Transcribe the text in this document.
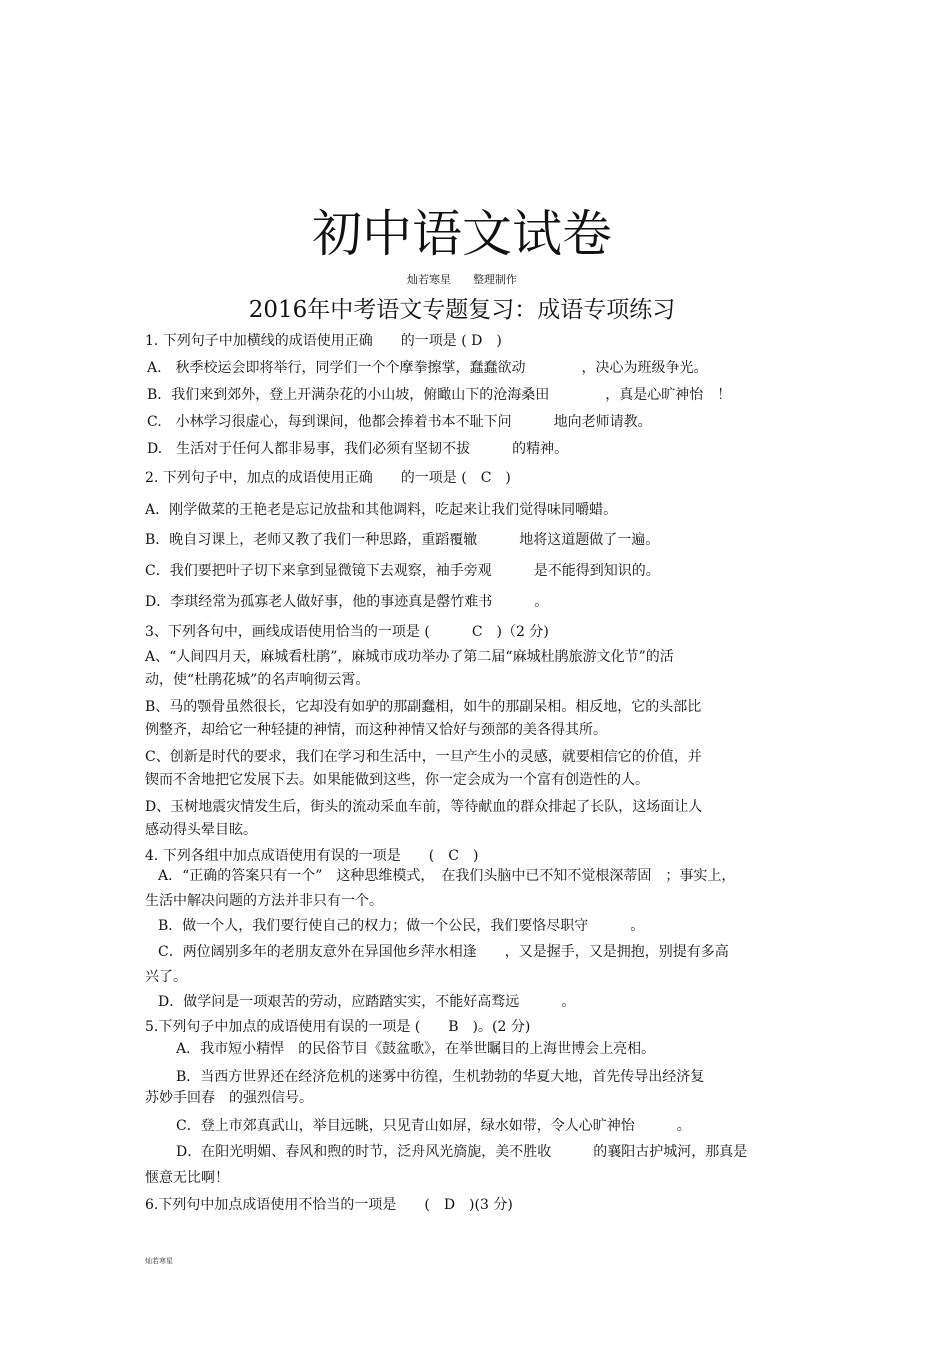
初中语文试卷
灿若寒星　　整理制作
2016年中考语文专题复习：成语专项练习
1. 下列句子中加横线的成语使用正确　　的一项是 ( D　)
A.　秋季校运会即将举行，同学们一个个摩拳擦掌，蠢蠢欲动　　　　，决心为班级争光。
B．我们来到郊外，登上开满杂花的小山坡，俯瞰山下的沧海桑田　　　　，真是心旷神怡　！
C.　小林学习很虚心，每到课间，他都会捧着书本不耻下问　　　地向老师请教。
D.　生活对于任何人都非易事，我们必须有坚韧不拔　　　的精神。
2. 下列句子中，加点的成语使用正确　　的一项是 (　C　)
A．刚学做菜的王艳老是忘记放盐和其他调料，吃起来让我们觉得味同嚼蜡。
B．晚自习课上，老师又教了我们一种思路，重蹈覆辙　　　地将这道题做了一遍。
C．我们要把叶子切下来拿到显微镜下去观察，袖手旁观　　　是不能得到知识的。
D．李琪经常为孤寡老人做好事，他的事迹真是罄竹难书　　　。
3、下列各句中，画线成语使用恰当的一项是 (　　　C　)（2 分)
A、“人间四月天，麻城看杜鹃”，麻城市成功举办了第二届“麻城杜鹃旅游文化节”的活
动，使“杜鹃花城”的名声响彻云霄。
B、马的颚骨虽然很长，它却没有如驴的那副蠢相，如牛的那副呆相。相反地，它的头部比
例整齐，却给它一种轻捷的神情，而这种神情又恰好与颈部的美各得其所。
C、创新是时代的要求，我们在学习和生活中，一旦产生小的灵感，就要相信它的价值，并
锲而不舍地把它发展下去。如果能做到这些，你一定会成为一个富有创造性的人。
D、玉树地震灾情发生后，街头的流动采血车前，等待献血的群众排起了长队，这场面让人
感动得头晕目眩。
4. 下列各组中加点成语使用有误的一项是　　(　C　)
A．“正确的答案只有一个”　这种思维模式，　在我们头脑中已不知不觉根深蒂固　；事实上，
生活中解决问题的方法并非只有一个。
B．做一个人，我们要行使自己的权力；做一个公民，我们要恪尽职守　　　。
C．两位阔别多年的老朋友意外在异国他乡萍水相逢　　，又是握手，又是拥抱，别提有多高
兴了。
D．做学问是一项艰苦的劳动，应踏踏实实，不能好高骛远　　　。
5.下列句子中加点的成语使用有误的一项是 (　　B　)。(2 分)
A．我市短小精悍　的民俗节目《鼓盆歌》，在举世瞩目的上海世博会上亮相。
B．当西方世界还在经济危机的迷雾中彷徨，生机勃勃的华夏大地，首先传导出经济复
苏妙手回春　的强烈信号。
C．登上市郊真武山，举目远眺，只见青山如屏，绿水如带，令人心旷神怡　　　。
D．在阳光明媚、春风和煦的时节，泛舟风光旖旎，美不胜收　　　的襄阳古护城河，那真是
惬意无比啊！
6.下列句中加点成语使用不恰当的一项是　　(　D　)(3 分)
灿若寒星
